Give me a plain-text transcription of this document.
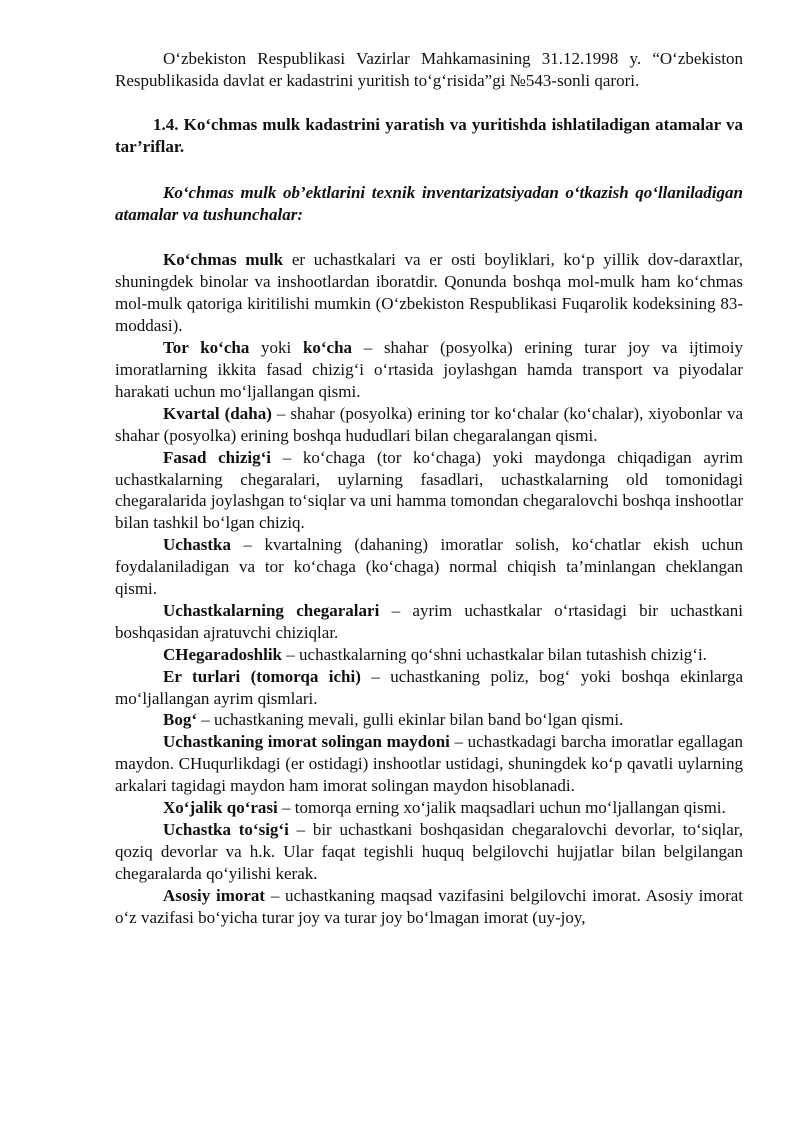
O‘zbekiston Respublikasi Vazirlar Mahkamasining 31.12.1998 y. “O‘zbekiston Respublikasida davlat er kadastrini yuritish to‘g‘risida”gi №543-sonli qarori.

1.4. Ko‘chmas mulk kadastrini yaratish va yuritishda ishlatiladigan atamalar va tar’riflar.

Ko‘chmas mulk ob’ektlarini texnik inventarizatsiyadan o‘tkazish qo‘llaniladigan atamalar va tushunchalar:

Ko‘chmas mulk er uchastkalari va er osti boyliklari, ko‘p yillik dov-daraxtlar, shuningdek binolar va inshootlardan iboratdir. Qonunda boshqa mol-mulk ham ko‘chmas mol-mulk qatoriga kiritilishi mumkin (O‘zbekiston Respublikasi Fuqarolik kodeksining 83-moddasi).

Tor ko‘cha yoki ko‘cha – shahar (posyolka) erining turar joy va ijtimoiy imoratlarning ikkita fasad chizig‘i o‘rtasida joylashgan hamda transport va piyodalar harakati uchun mo‘ljallangan qismi.

Kvartal (daha) – shahar (posyolka) erining tor ko‘chalar (ko‘chalar), xiyobonlar va shahar (posyolka) erining boshqa hududlari bilan chegaralangan qismi.

Fasad chizig‘i – ko‘chaga (tor ko‘chaga) yoki maydonga chiqadigan ayrim uchastkalarning chegaralari, uylarning fasadlari, uchastkalarning old tomonidagi chegaralarida joylashgan to‘siqlar va uni hamma tomondan chegaralovchi boshqa inshootlar bilan tashkil bo‘lgan chiziq.

Uchastka – kvartalning (dahaning) imoratlar solish, ko‘chatlar ekish uchun foydalaniladigan va tor ko‘chaga (ko‘chaga) normal chiqish ta’minlangan cheklangan qismi.

Uchastkalarning chegaralari – ayrim uchastkalar o‘rtasidagi bir uchastkani boshqasidan ajratuvchi chiziqlar.

CHegaradoshlik – uchastkalarning qo‘shni uchastkalar bilan tutashish chizig‘i.

Er turlari (tomorqa ichi) – uchastkaning poliz, bog‘ yoki boshqa ekinlarga mo‘ljallangan ayrim qismlari.

Bog‘ – uchastkaning mevali, gulli ekinlar bilan band bo‘lgan qismi.

Uchastkaning imorat solingan maydoni – uchastkadagi barcha imoratlar egallagan maydon. CHuqurlikdagi (er ostidagi) inshootlar ustidagi, shuningdek ko‘p qavatli uylarning arkalari tagidagi maydon ham imorat solingan maydon hisoblanadi.

Xo‘jalik qo‘rasi – tomorqa erning xo‘jalik maqsadlari uchun mo‘ljallangan qismi.

Uchastka to‘sig‘i – bir uchastkani boshqasidan chegaralovchi devorlar, to‘siqlar, qoziq devorlar va h.k. Ular faqat tegishli huquq belgilovchi hujjatlar bilan belgilangan chegaralarda qo‘yilishi kerak.

Asosiy imorat – uchastkaning maqsad vazifasini belgilovchi imorat. Asosiy imorat o‘z vazifasi bo‘yicha turar joy va turar joy bo‘lmagan imorat (uy-joy,
